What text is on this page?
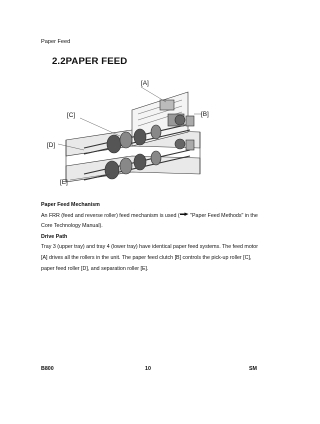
Paper Feed
2.2PAPER FEED
[A]
[B]
[C]
[D]
[E]

Paper Feed Mechanism

An FRR (feed and reverse roller) feed mechanism is used ( "Paper Feed Methods" in the Core Technology Manual).

Drive Path

Tray 3 (upper tray) and tray 4 (lower tray) have identical paper feed systems. The feed motor [A] drives all the rollers in the unit. The paper feed clutch [B] controls the pick-up roller [C], paper feed roller [D], and separation roller [E].

B800	10	SM
